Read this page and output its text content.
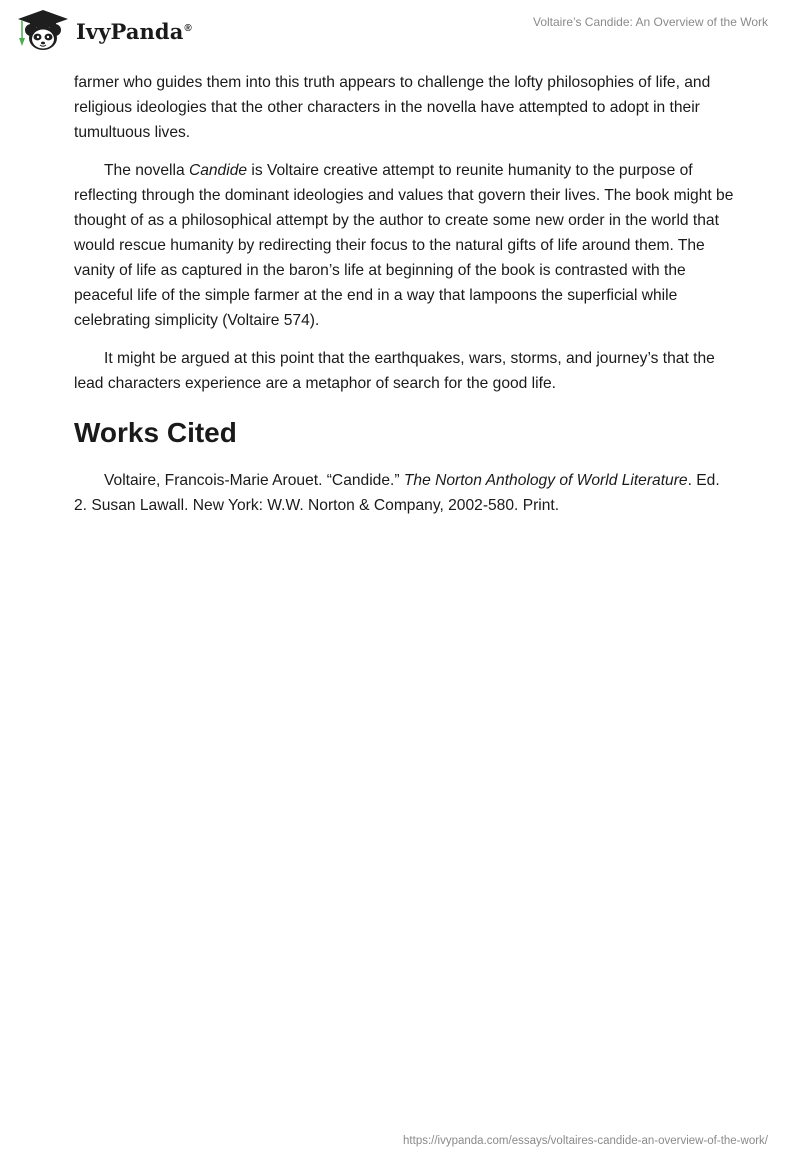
IvyPanda®	Voltaire’s Candide: An Overview of the Work

farmer who guides them into this truth appears to challenge the lofty philosophies of life, and religious ideologies that the other characters in the novella have attempted to adopt in their tumultuous lives.

The novella Candide is Voltaire creative attempt to reunite humanity to the purpose of reflecting through the dominant ideologies and values that govern their lives. The book might be thought of as a philosophical attempt by the author to create some new order in the world that would rescue humanity by redirecting their focus to the natural gifts of life around them. The vanity of life as captured in the baron’s life at beginning of the book is contrasted with the peaceful life of the simple farmer at the end in a way that lampoons the superficial while celebrating simplicity (Voltaire 574).

It might be argued at this point that the earthquakes, wars, storms, and journey’s that the lead characters experience are a metaphor of search for the good life.

Works Cited

Voltaire, Francois-Marie Arouet. “Candide.” The Norton Anthology of World Literature. Ed. 2. Susan Lawall. New York: W.W. Norton & Company, 2002-580. Print.

https://ivypanda.com/essays/voltaires-candide-an-overview-of-the-work/
